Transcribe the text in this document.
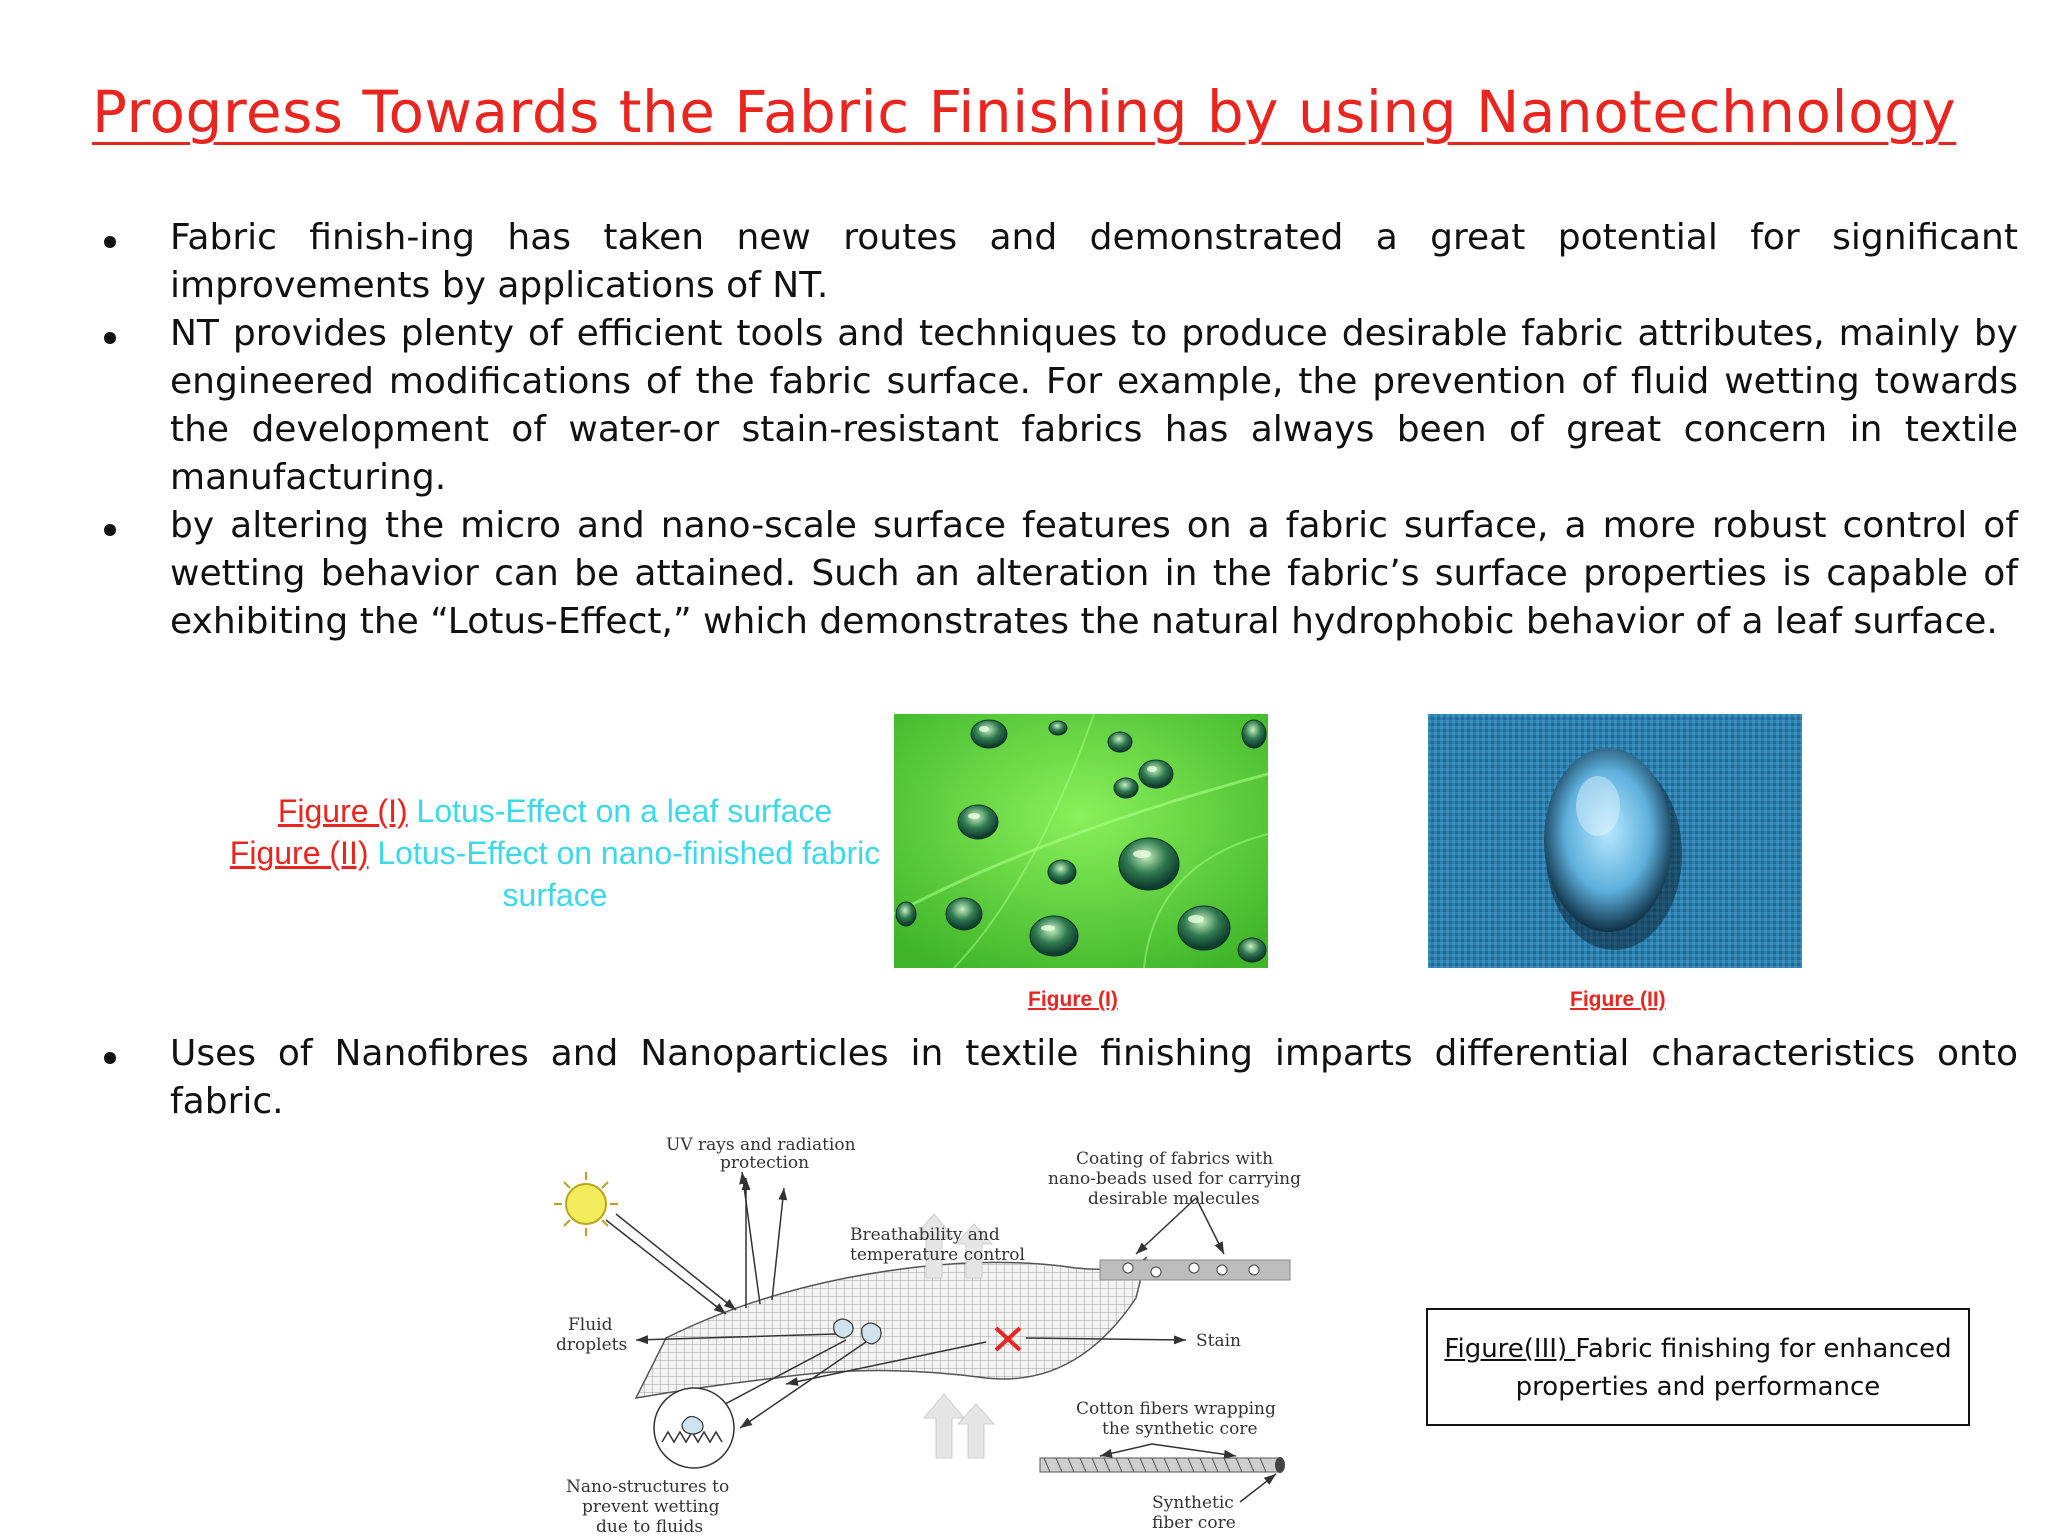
Progress Towards the Fabric Finishing by using Nanotechnology

Fabric finish-ing has taken new routes and demonstrated a great potential for significant improvements by applications of NT.

NT provides plenty of efficient tools and techniques to produce desirable fabric attributes, mainly by engineered modifications of the fabric surface. For example, the prevention of fluid wetting towards the development of water-or stain-resistant fabrics has always been of great concern in textile manufacturing.

by altering the micro and nano-scale surface features on a fabric surface, a more robust control of wetting behavior can be attained. Such an alteration in the fabric’s surface properties is capable of exhibiting the “Lotus-Effect,” which demonstrates the natural hydrophobic behavior of a leaf surface.

Figure (I) Lotus-Effect on a leaf surface
Figure (II) Lotus-Effect on nano-finished fabric surface
Figure (I)	Figure (II)

Uses of Nanofibres and Nanoparticles in textile finishing imparts differential characteristics onto fabric.

UV rays and radiation
protection	Coating of fabrics with
nano-beads used for carrying
desirable molecules
Breathability and
temperature control
Fluid
droplets	Stain
Cotton fibers wrapping
the synthetic core
Nano-structures to
prevent wetting
due to fluids
Synthetic
fiber core
Figure(III) Fabric finishing for enhanced properties and performance
